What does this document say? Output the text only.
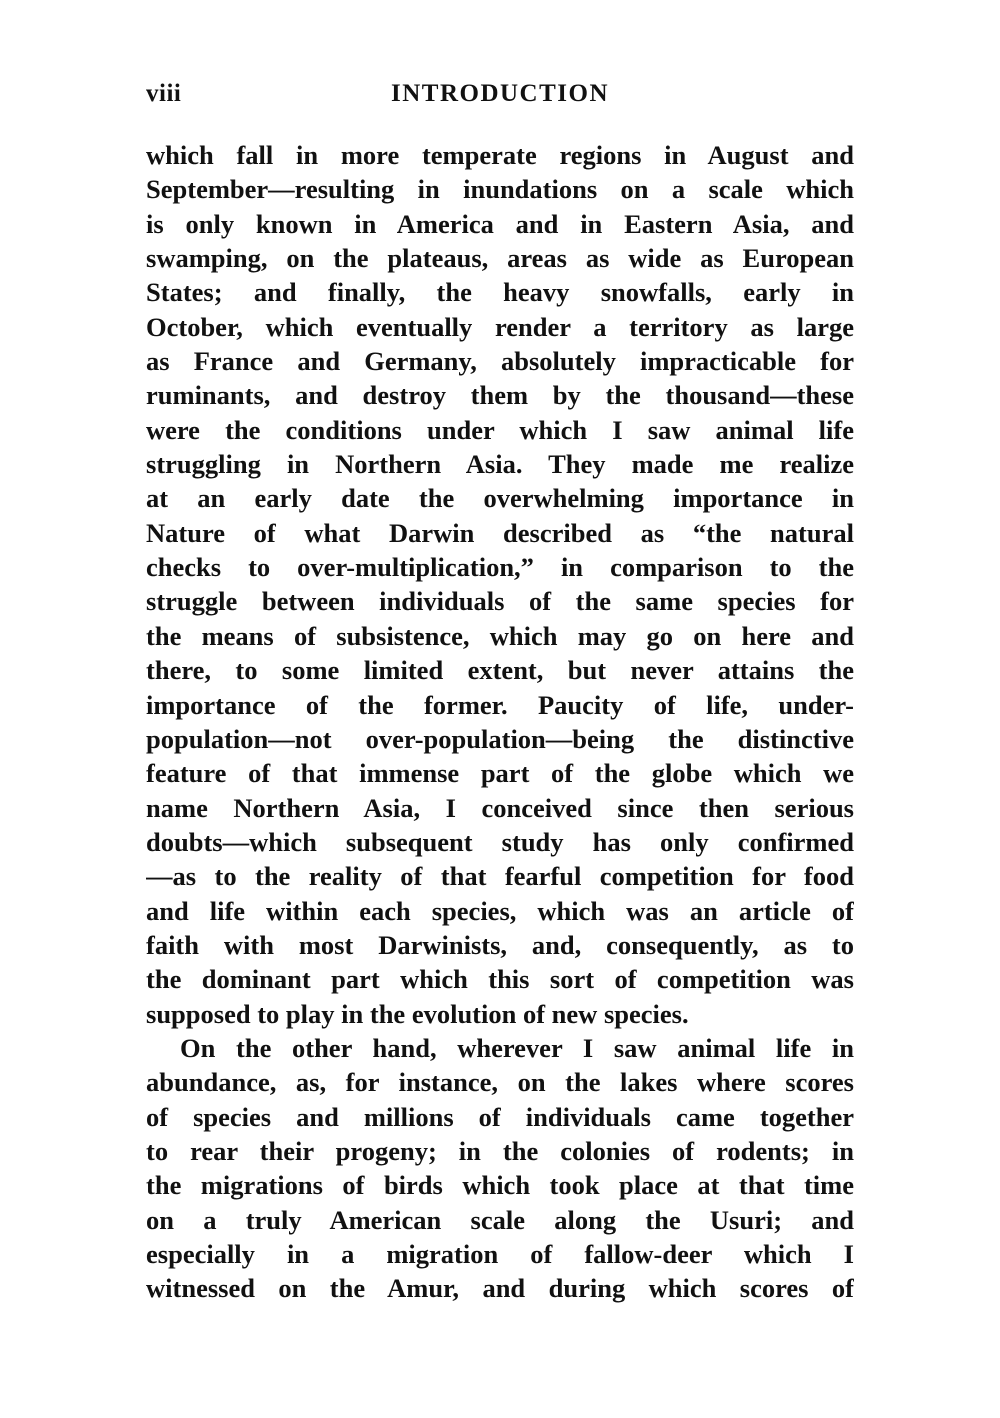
viii	INTRODUCTION
which fall in more temperate regions in August and
September—resulting in inundations on a scale which
is only known in America and in Eastern Asia, and
swamping, on the plateaus, areas as wide as European
States; and finally, the heavy snowfalls, early in
October, which eventually render a territory as large
as France and Germany, absolutely impracticable for
ruminants, and destroy them by the thousand—these
were the conditions under which I saw animal life
struggling in Northern Asia. They made me realize
at an early date the overwhelming importance in
Nature of what Darwin described as “the natural
checks to over-multiplication,” in comparison to the
struggle between individuals of the same species for
the means of subsistence, which may go on here and
there, to some limited extent, but never attains the
importance of the former. Paucity of life, under-
population—not over-population—being the distinctive
feature of that immense part of the globe which we
name Northern Asia, I conceived since then serious
doubts—which subsequent study has only confirmed
—as to the reality of that fearful competition for food
and life within each species, which was an article of
faith with most Darwinists, and, consequently, as to
the dominant part which this sort of competition was
supposed to play in the evolution of new species.
On the other hand, wherever I saw animal life in
abundance, as, for instance, on the lakes where scores
of species and millions of individuals came together
to rear their progeny; in the colonies of rodents; in
the migrations of birds which took place at that time
on a truly American scale along the Usuri; and
especially in a migration of fallow-deer which I
witnessed on the Amur, and during which scores of
